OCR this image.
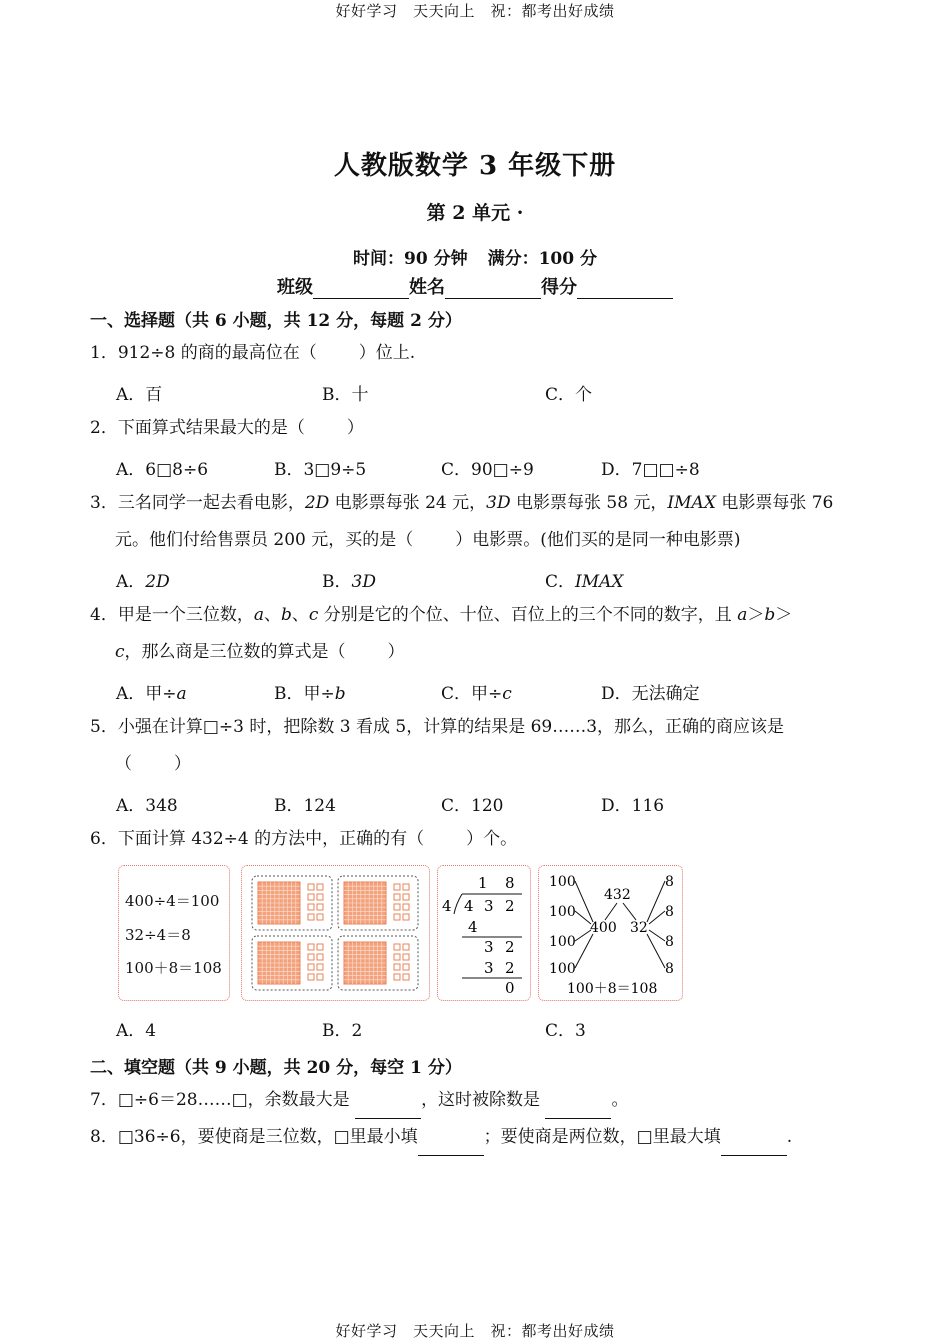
好好学习　天天向上　祝：都考出好成绩
人教版数学 3 年级下册
第 2 单元 ·
时间：90 分钟 满分：100 分
班级	姓名	得分
一、选择题（共 6 小题，共 12 分，每题 2 分）
1．912÷8 的商的最高位在（ ）位上.
A．百	B．十	C．个
2．下面算式结果最大的是（ ）
A．6□8÷6	B．3□9÷5	C．90□÷9	D．7□□÷8
3．三名同学一起去看电影，2D 电影票每张 24 元，3D 电影票每张 58 元，IMAX 电影票每张 76
元。他们付给售票员 200 元，买的是（ ）电影票。(他们买的是同一种电影票)
A．2D	B．3D	C．IMAX
4．甲是一个三位数，a、b、c 分别是它的个位、十位、百位上的三个不同的数字，且 a＞b＞
c，那么商是三位数的算式是（ ）
A．甲÷a	B．甲÷b	C．甲÷c	D．无法确定
5．小强在计算□÷3 时，把除数 3 看成 5，计算的结果是 69……3，那么，正确的商应该是
（ ）
A．348	B．124	C．120	D．116
6．下面计算 432÷4 的方法中，正确的有（ ）个。
400÷4＝100
32÷4＝8
100＋8＝108
1 8
4 4 3 2
4
3 2
3 2
0
100
100
100
100
432
400 32
8
8
8
8
100＋8＝108
A．4	B．2	C．3
二、填空题（共 9 小题，共 20 分，每空 1 分）
7．□÷6＝28……□，余数最大是	，这时被除数是	。
8．□36÷6，要使商是三位数，□里最小填	；要使商是两位数，□里最大填	.
好好学习　天天向上　祝：都考出好成绩
